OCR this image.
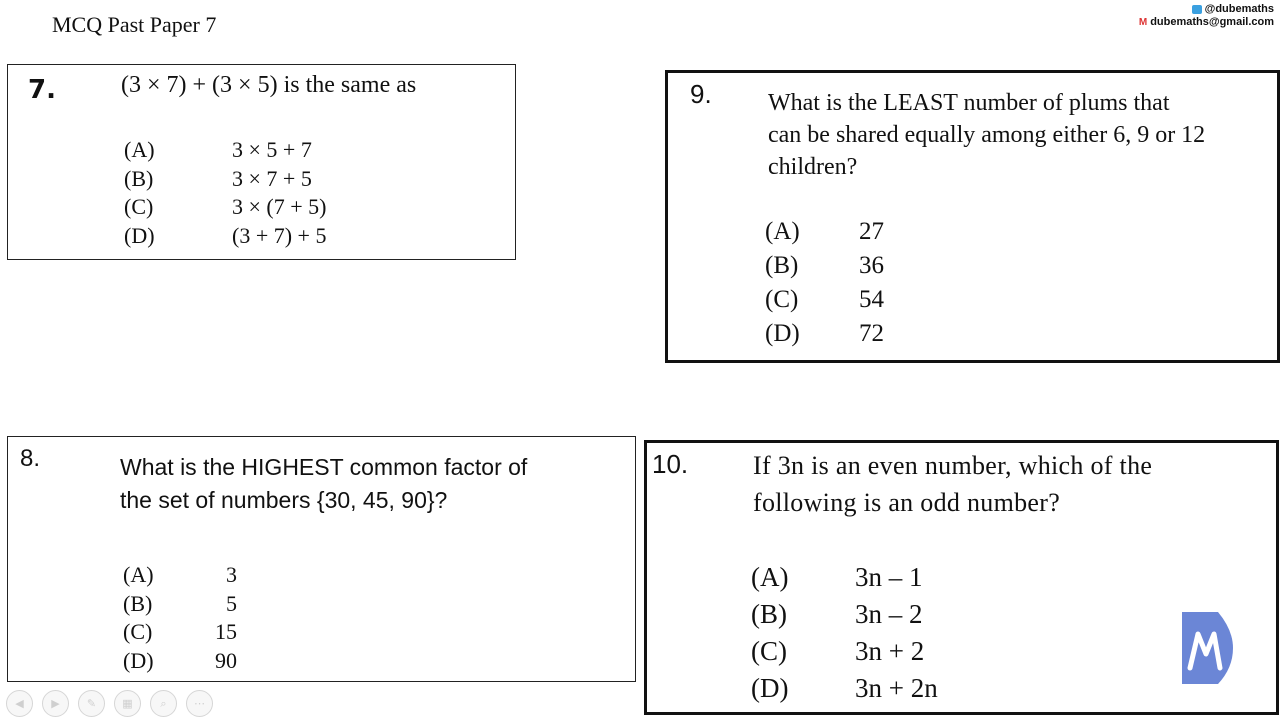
MCQ Past Paper 7
@dubemaths
M dubemaths@gmail.com
7.	(3 × 7) + (3 × 5) is the same as
(A)	3 × 5 + 7
(B)	3 × 7 + 5
(C)	3 × (7 + 5)
(D)	(3 + 7) + 5
8.	What is the HIGHEST common factor of
the set of numbers {30, 45, 90}?
(A)	3
(B)	5
(C)	15
(D)	90
9. What is the LEAST number of plums that
can be shared equally among either 6, 9 or 12
children?
(A)	27
(B)	36
(C)	54
(D)	72
10. If 3n is an even number, which of the
following is an odd number?
(A)	3n – 1
(B)	3n – 2
(C)	3n + 2
(D)	3n + 2n
◀	▶ ✎ ▦	⌕ ⋯
